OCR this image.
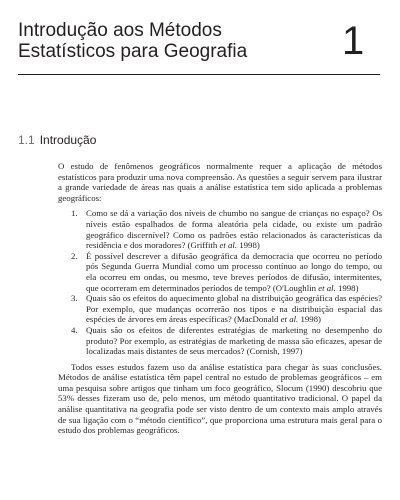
Introdução aos Métodos
Estatísticos para Geografia	1
1.1 Introdução

O estudo de fenômenos geográficos normalmente requer a aplicação de métodos estatísticos para produzir uma nova compreensão. As questões a seguir servem para ilustrar a grande variedade de áreas nas quais a análise estatística tem sido aplicada a problemas geográficos:

1. Como se dá a variação dos níveis de chumbo no sangue de crianças no espaço? Os níveis estão espalhados de forma aleatória pela cidade, ou existe um padrão geográfico discernível? Como os padrões estão relacionados às características da residência e dos moradores? (Griffith et al. 1998)
2. É possível descrever a difusão geográfica da democracia que ocorreu no período pós Segunda Guerra Mundial como um processo contínuo ao longo do tempo, ou ela ocorreu em ondas, ou mesmo, teve breves períodos de difusão, intermitentes, que ocorreram em determinados períodos de tempo? (O'Loughlin et al. 1998)
3. Quais são os efeitos do aquecimento global na distribuição geográfica das espécies? Por exemplo, que mudanças ocorrerão nos tipos e na distribuição espacial das espécies de árvores em áreas específicas? (MacDonald et al. 1998)
4. Quais são os efeitos de diferentes estratégias de marketing no desempenho do produto? Por exemplo, as estratégias de marketing de massa são eficazes, apesar de localizadas mais distantes de seus mercados? (Cornish, 1997)

Todos esses estudos fazem uso da análise estatística para chegar às suas conclusões. Métodos de análise estatística têm papel central no estudo de problemas geográficos – em uma pesquisa sobre artigos que tinham um foco geográfico, Slocum (1990) descobriu que 53% desses fizeram uso de, pelo menos, um método quantitativo tradicional. O papel da análise quantitativa na geografia pode ser visto dentro de um contexto mais amplo através de sua ligação com o “método científico”, que proporciona uma estrutura mais geral para o estudo dos problemas geográficos.
